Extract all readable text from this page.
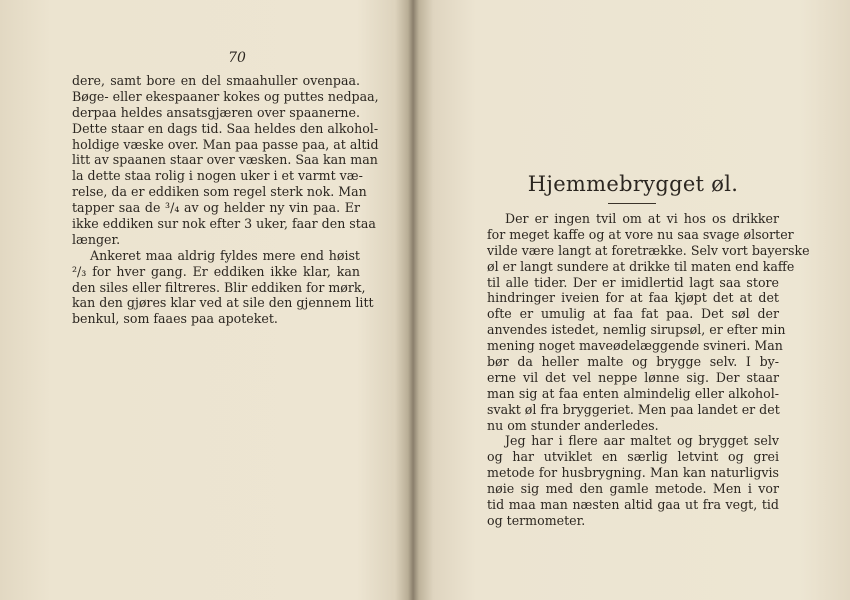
70
dere, samt bore en del smaahuller ovenpaa.
Bøge- eller ekespaaner kokes og puttes nedpaa,
derpaa heldes ansatsgjæren over spaanerne.
Dette staar en dags tid. Saa heldes den alkohol-
holdige væske over. Man paa passe paa, at altid
litt av spaanen staar over væsken. Saa kan man
la dette staa rolig i nogen uker i et varmt væ-
relse, da er eddiken som regel sterk nok. Man
tapper saa de ³/₄ av og helder ny vin paa. Er
ikke eddiken sur nok efter 3 uker, faar den staa
længer.
Ankeret maa aldrig fyldes mere end høist
²/₃ for hver gang. Er eddiken ikke klar, kan
den siles eller filtreres. Blir eddiken for mørk,
kan den gjøres klar ved at sile den gjennem litt
benkul, som faaes paa apoteket.
Hjemmebrygget øl.
Der er ingen tvil om at vi hos os drikker
for meget kaffe og at vore nu saa svage ølsorter
vilde være langt at foretrække. Selv vort bayerske
øl er langt sundere at drikke til maten end kaffe
til alle tider. Der er imidlertid lagt saa store
hindringer iveien for at faa kjøpt det at det
ofte er umulig at faa fat paa. Det søl der
anvendes istedet, nemlig sirupsøl, er efter min
mening noget maveødelæggende svineri. Man
bør da heller malte og brygge selv. I by-
erne vil det vel neppe lønne sig. Der staar
man sig at faa enten almindelig eller alkohol-
svakt øl fra bryggeriet. Men paa landet er det
nu om stunder anderledes.
Jeg har i flere aar maltet og brygget selv
og har utviklet en særlig letvint og grei
metode for husbrygning. Man kan naturligvis
nøie sig med den gamle metode. Men i vor
tid maa man næsten altid gaa ut fra vegt, tid
og termometer.
